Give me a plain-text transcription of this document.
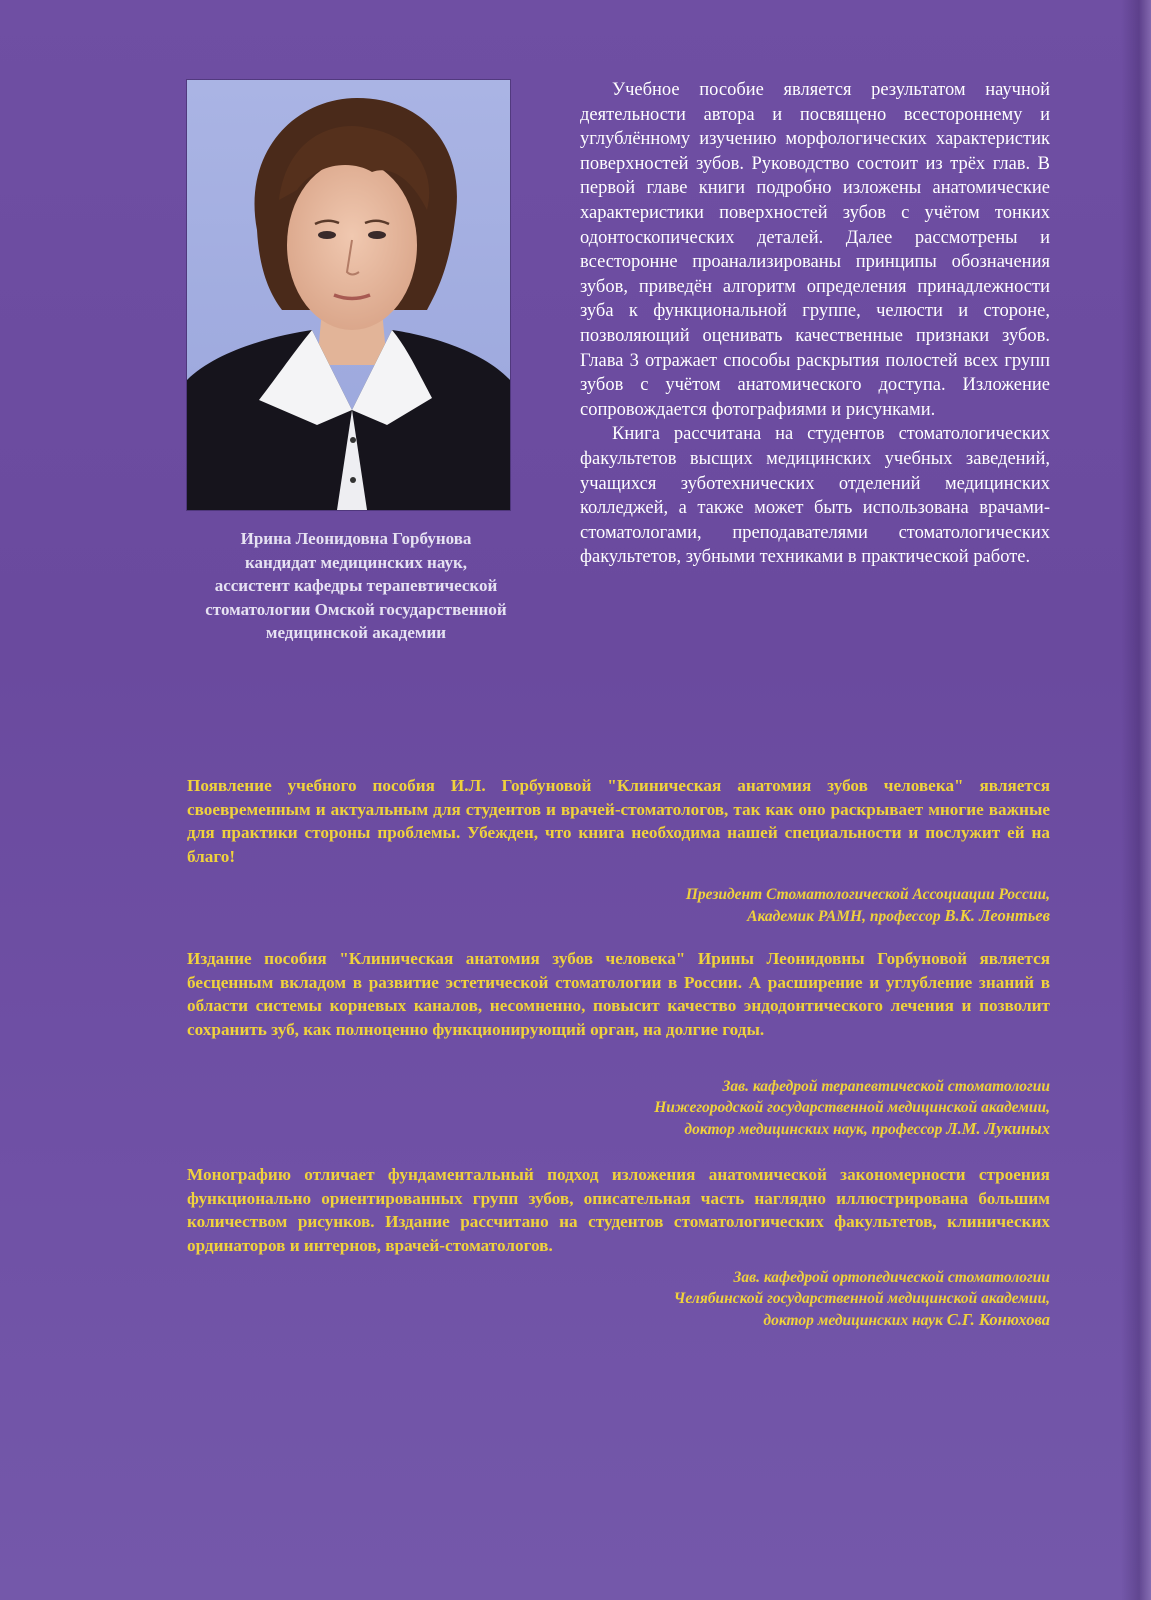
Ирина Леонидовна Горбунова
кандидат медицинских наук,
ассистент кафедры терапевтической
стоматологии Омской государственной
медицинской академии

Учебное пособие является результатом научной деятельности автора и посвящено всестороннему и углублённому изучению морфологических характеристик поверхностей зубов. Руководство состоит из трёх глав. В первой главе книги подробно изложены анатомические характеристики поверхностей зубов с учётом тонких одонтоскопических деталей. Далее рассмотрены и всесторонне проанализированы принципы обозначения зубов, приведён алгоритм определения принадлежности зуба к функциональной группе, челюсти и стороне, позволяющий оценивать качественные признаки зубов. Глава 3 отражает способы раскрытия полостей всех групп зубов с учётом анатомического доступа. Изложение сопровождается фотографиями и рисунками.

Книга рассчитана на студентов стоматологических факультетов высщих медицинских учебных заведений, учащихся зуботехнических отделений медицинских колледжей, а также может быть использована врачами-стоматологами, преподавателями стоматологических факультетов, зубными техниками в практической работе.

Появление учебного пособия И.Л. Горбуновой "Клиническая анатомия зубов человека" является своевременным и актуальным для студентов и врачей-стоматологов, так как оно раскрывает многие важные для практики стороны проблемы. Убежден, что книга необходима нашей специальности и послужит ей на благо!

Президент Стоматологической Ассоциации России,
Академик РАМН, профессор В.К. Леонтьев

Издание пособия "Клиническая анатомия зубов человека" Ирины Леонидовны Горбуновой является бесценным вкладом в развитие эстетической стоматологии в России. А расширение и углубление знаний в области системы корневых каналов, несомненно, повысит качество эндодонтического лечения и позволит сохранить зуб, как полноценно функционирующий орган, на долгие годы.

Зав. кафедрой терапевтической стоматологии
Нижегородской государственной медицинской академии,
доктор медицинских наук, профессор Л.М. Лукиных

Монографию отличает фундаментальный подход изложения анатомической закономерности строения функционально ориентированных групп зубов, описательная часть наглядно иллюстрирована большим количеством рисунков. Издание рассчитано на студентов стоматологических факультетов, клинических ординаторов и интернов, врачей-стоматологов.

Зав. кафедрой ортопедической стоматологии
Челябинской государственной медицинской академии,
доктор медицинских наук С.Г. Конюхова
